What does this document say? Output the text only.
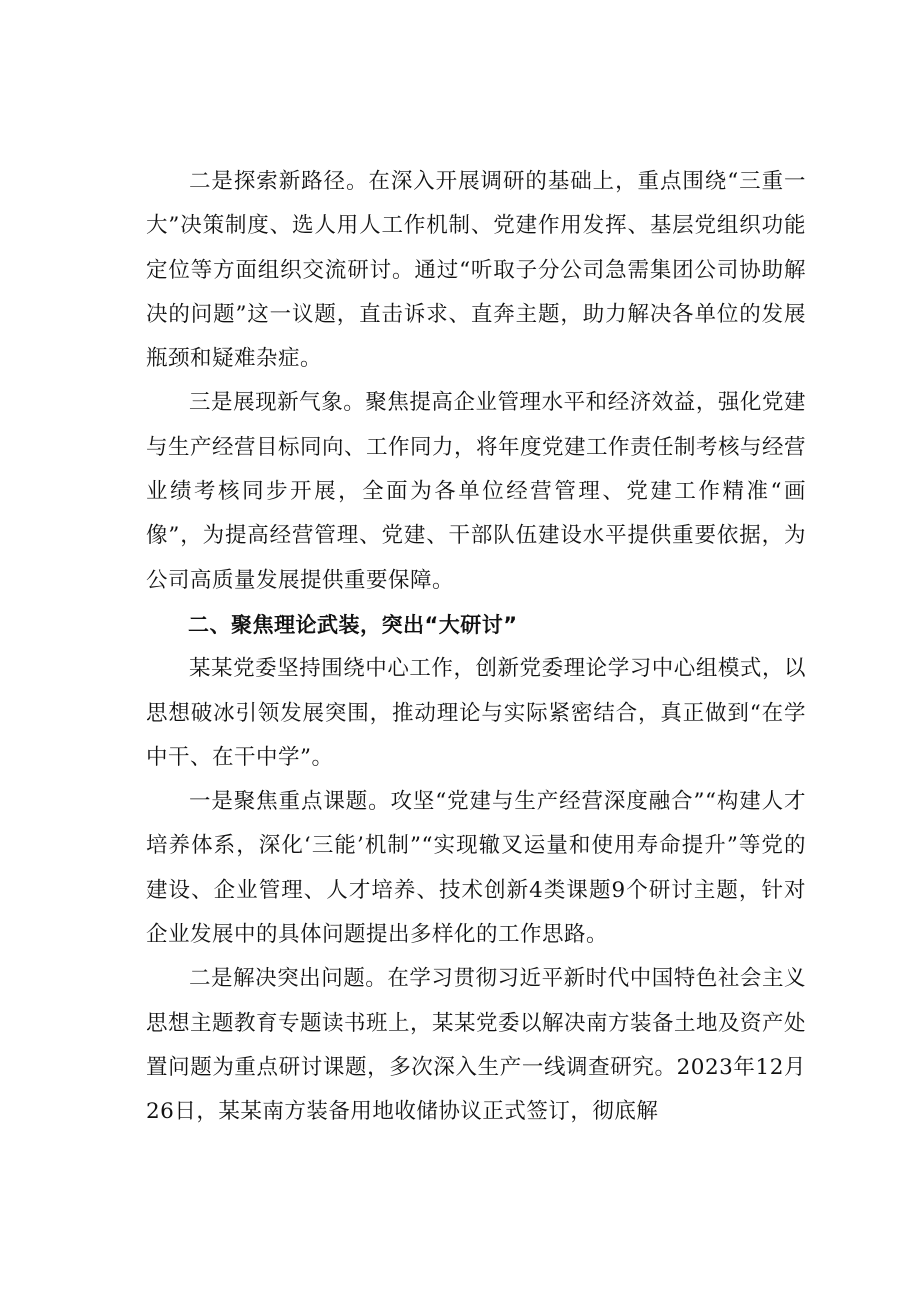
二是探索新路径。在深入开展调研的基础上，重点围绕“三重一大”决策制度、选人用人工作机制、党建作用发挥、基层党组织功能定位等方面组织交流研讨。通过“听取子分公司急需集团公司协助解决的问题”这一议题，直击诉求、直奔主题，助力解决各单位的发展瓶颈和疑难杂症。

三是展现新气象。聚焦提高企业管理水平和经济效益，强化党建与生产经营目标同向、工作同力，将年度党建工作责任制考核与经营业绩考核同步开展，全面为各单位经营管理、党建工作精准“画像”，为提高经营管理、党建、干部队伍建设水平提供重要依据，为公司高质量发展提供重要保障。

二、聚焦理论武装，突出“大研讨”

某某党委坚持围绕中心工作，创新党委理论学习中心组模式，以思想破冰引领发展突围，推动理论与实际紧密结合，真正做到“在学中干、在干中学”。

一是聚焦重点课题。攻坚“党建与生产经营深度融合”“构建人才培养体系，深化‘三能’机制”“实现辙叉运量和使用寿命提升”等党的建设、企业管理、人才培养、技术创新4类课题9个研讨主题，针对企业发展中的具体问题提出多样化的工作思路。

二是解决突出问题。在学习贯彻习近平新时代中国特色社会主义思想主题教育专题读书班上，某某党委以解决南方装备土地及资产处置问题为重点研讨课题，多次深入生产一线调查研究。2023年12月26日，某某南方装备用地收储协议正式签订，彻底解
